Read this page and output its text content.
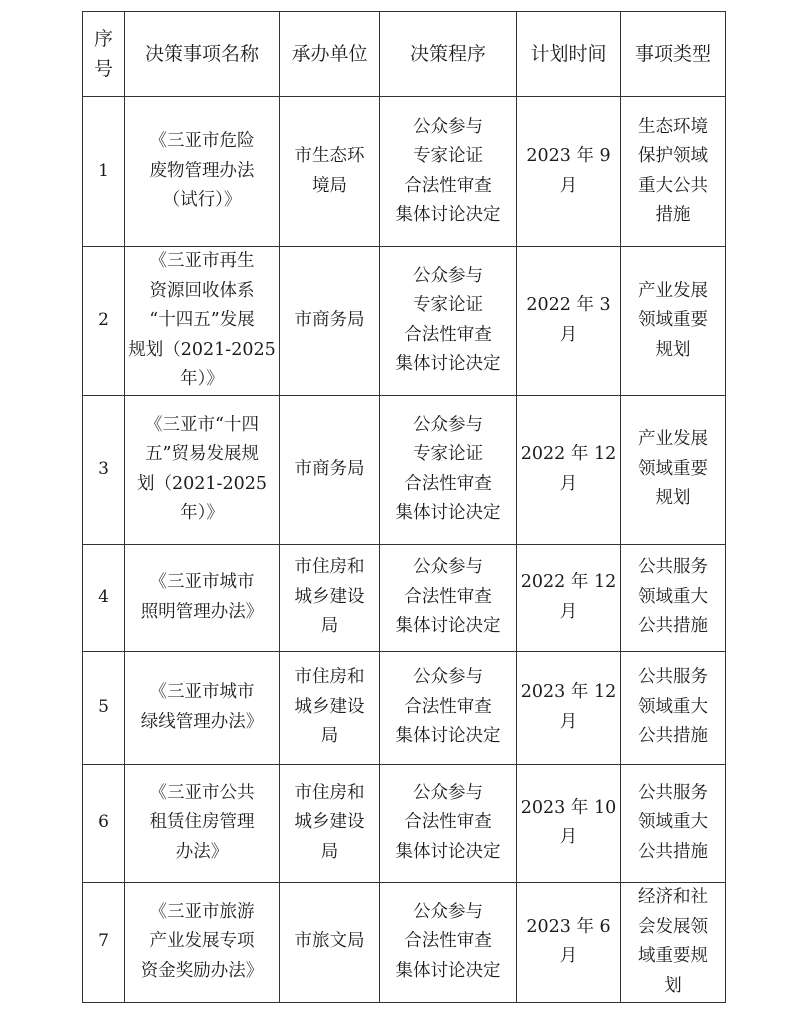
序
号	决策事项名称	承办单位	决策程序	计划时间	事项类型

1	《三亚市危险
废物管理办法
（试行）》	市生态环
境局	公众参与
专家论证
合法性审查
集体讨论决定	2023 年 9
月	生态环境
保护领域
重大公共
措施

2	《三亚市再生
资源回收体系
“十四五”发展
规划（2021-2025
年）》	市商务局	公众参与
专家论证
合法性审查
集体讨论决定	2022 年 3
月	产业发展
领域重要
规划

3	《三亚市“十四
五”贸易发展规
划（2021-2025
年）》	市商务局	公众参与
专家论证
合法性审查
集体讨论决定	2022 年 12
月	产业发展
领域重要
规划

4	《三亚市城市
照明管理办法》	市住房和
城乡建设
局	公众参与
合法性审查
集体讨论决定	2022 年 12
月	公共服务
领域重大
公共措施

5	《三亚市城市
绿线管理办法》	市住房和
城乡建设
局	公众参与
合法性审查
集体讨论决定	2023 年 12
月	公共服务
领域重大
公共措施

6	《三亚市公共
租赁住房管理
办法》	市住房和
城乡建设
局	公众参与
合法性审查
集体讨论决定	2023 年 10
月	公共服务
领域重大
公共措施

7	《三亚市旅游
产业发展专项
资金奖励办法》	市旅文局	公众参与
合法性审查
集体讨论决定	2023 年 6
月	经济和社
会发展领
域重要规
划
